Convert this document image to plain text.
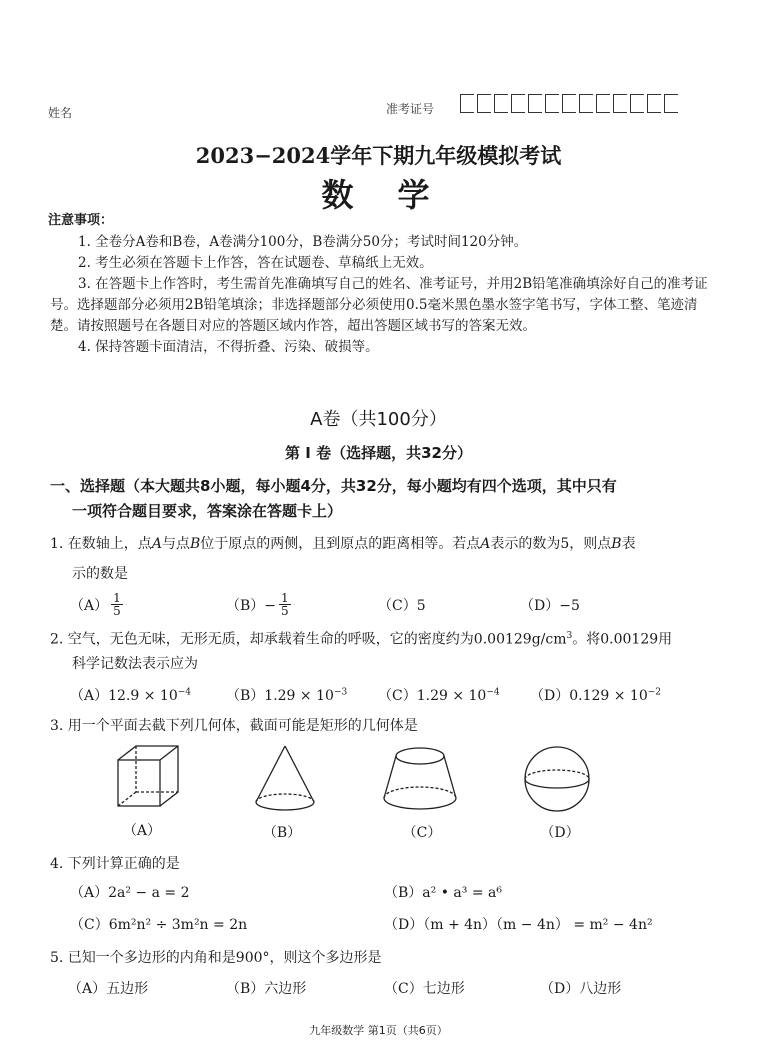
姓名	准考证号
2023−2024学年下期九年级模拟考试
数　学
注意事项：

1. 全卷分A卷和B卷，A卷满分100分，B卷满分50分；考试时间120分钟。

2. 考生必须在答题卡上作答，答在试题卷、草稿纸上无效。

3. 在答题卡上作答时，考生需首先准确填写自己的姓名、准考证号，并用2B铅笔准确填涂好自己的准考证号。选择题部分必须用2B铅笔填涂；非选择题部分必须使用0.5毫米黑色墨水签字笔书写，字体工整、笔迹清楚。请按照题号在各题目对应的答题区域内作答，超出答题区域书写的答案无效。

4. 保持答题卡面清洁，不得折叠、污染、破损等。

A卷（共100分）
第 Ⅰ 卷（选择题，共32分）
一、选择题（本大题共8小题，每小题4分，共32分，每小题均有四个选项，其中只有
一项符合题目要求，答案涂在答题卡上）
1. 在数轴上，点A与点B位于原点的两侧，且到原点的距离相等。若点A表示的数为5，则点B表
示的数是
$(A) \frac{1}{5}$	$(B)- \frac{1}{5}$	（C）5	（D）−5
2. 空气，无色无味，无形无质，却承载着生命的呼吸，它的密度约为$0.00129g/cm^3$。将0.00129用
科学记数法表示应为
$(A)12.9 \times 10^{-4}$	$(B)1.29 \times 10^{-3}$	$(C)1.29 \times 10^{-4}$	$(D)0.129 \times 10^{-2}$
3. 用一个平面去截下列几何体，截面可能是矩形的几何体是
（A）	（B）	（C）	（D）
4. 下列计算正确的是
（A）2a² − a = 2	（B）a² • a³ = a⁶
（C）6m²n² ÷ 3m²n = 2n	（D）（m + 4n）（m − 4n） = m² − 4n²
5. 已知一个多边形的内角和是900°，则这个多边形是
（A）五边形	（B）六边形	（C）七边形	（D）八边形
九年级数学 第1页（共6页）
